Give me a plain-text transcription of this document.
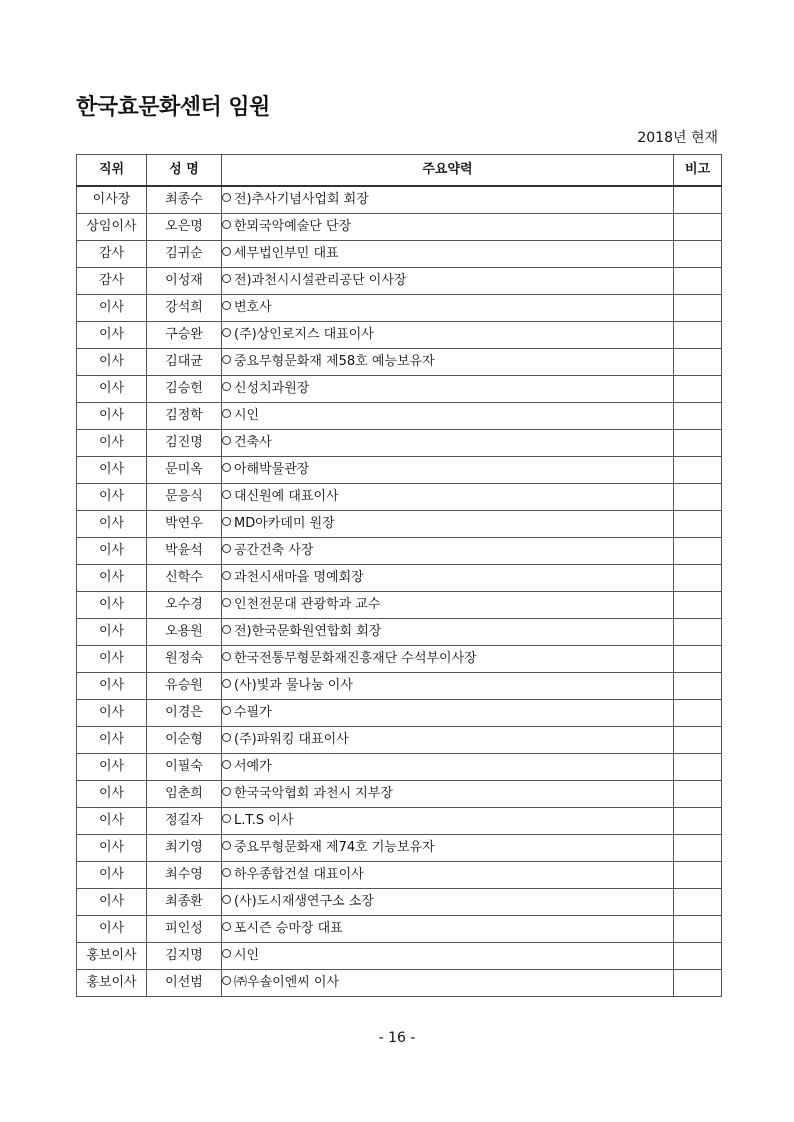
한국효문화센터 임원
2018년 현재
직위	성 명	주요약력	비고
이사장	최종수	전)추사기념사업회 회장	
상임이사	오은명	한뫼국악예술단 단장	
감사	김귀순	세무법인부민 대표	
감사	이성재	전)과천시시설관리공단 이사장	
이사	강석희	변호사	
이사	구승완	(주)상인로지스 대표이사	
이사	김대균	중요무형문화재 제58호 예능보유자	
이사	김승헌	신성치과원장	
이사	김정학	시인	
이사	김진명	건축사	
이사	문미옥	아해박물관장	
이사	문응식	대신원예 대표이사	
이사	박연우	MD아카데미 원장	
이사	박윤석	공간건축 사장	
이사	신학수	과천시새마을 명예회장	
이사	오수경	인천전문대 관광학과 교수	
이사	오용원	전)한국문화원연합회 회장	
이사	원정숙	한국전통무형문화재진흥재단 수석부이사장	
이사	유승원	(사)빛과 물나눔 이사	
이사	이경은	수필가	
이사	이순형	(주)파워킹 대표이사	
이사	이필숙	서예가	
이사	임춘희	한국국악협회 과천시 지부장	
이사	정길자	L.T.S 이사	
이사	최기영	중요무형문화재 제74호 기능보유자	
이사	최수영	하우종합건설 대표이사	
이사	최종환	(사)도시재생연구소 소장	
이사	피인성	포시즌 승마장 대표	
홍보이사	김지명	시인	
홍보이사	이선범	㈜우솔이엔씨 이사	
- 16 -
